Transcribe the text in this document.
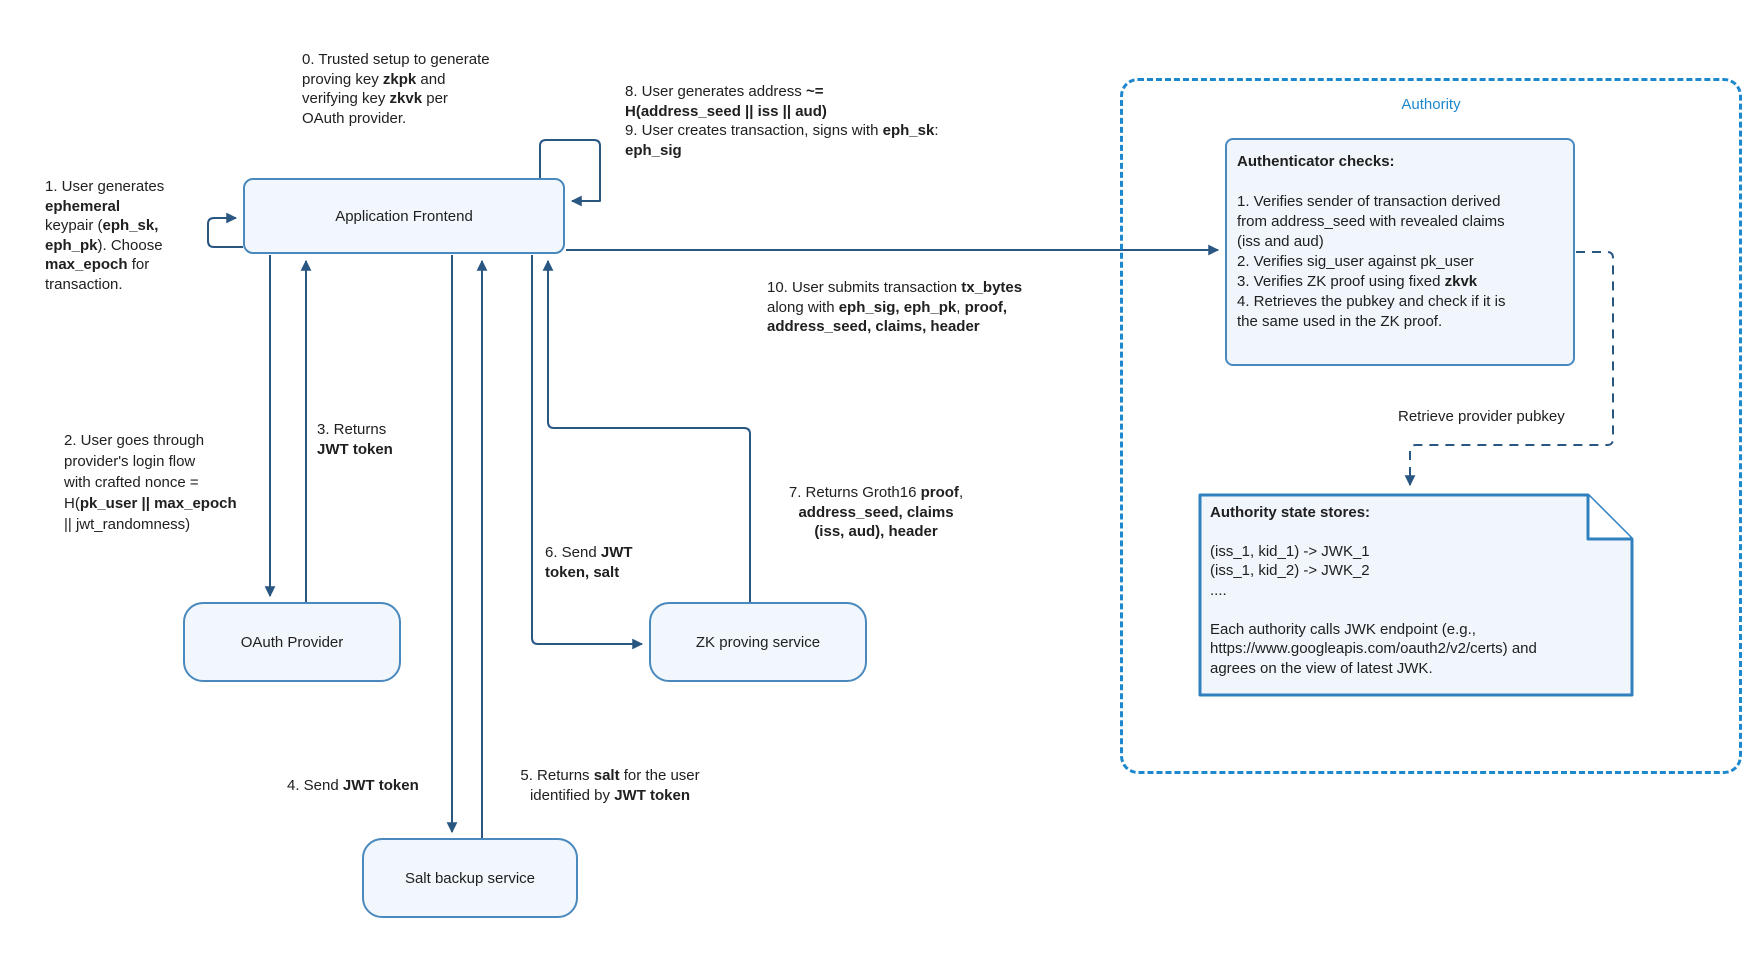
Authority
Application Frontend
OAuth Provider	ZK proving service
Salt backup service
Authenticator checks:
1. Verifies sender of transaction derived
from address_seed with revealed claims
(iss and aud)
2. Verifies sig_user against pk_user
3. Verifies ZK proof using fixed zkvk
4. Retrieves the pubkey and check if it is
the same used in the ZK proof.
Authority state stores:
(iss_1, kid_1) -> JWK_1
(iss_1, kid_2) -> JWK_2
....

Each authority calls JWK endpoint (e.g.,
https://www.googleapis.com/oauth2/v2/certs) and
agrees on the view of latest JWK.
Retrieve provider pubkey
0. Trusted setup to generate
proving key zkpk and
verifying key zkvk per
OAuth provider.
1. User generates
ephemeral
keypair (eph_sk,
eph_pk). Choose
max_epoch for
transaction.
2. User goes through
provider's login flow
with crafted nonce =
H(pk_user || max_epoch
|| jwt_randomness)
3. Returns
JWT token
4. Send JWT token
5. Returns salt for the user
identified by JWT token
6. Send JWT
token, salt
7. Returns Groth16 proof,
address_seed, claims
(iss, aud), header
8. User generates address ~=
H(address_seed || iss || aud)
9. User creates transaction, signs with eph_sk:
eph_sig
10. User submits transaction tx_bytes
along with eph_sig, eph_pk, proof,
address_seed, claims, header
